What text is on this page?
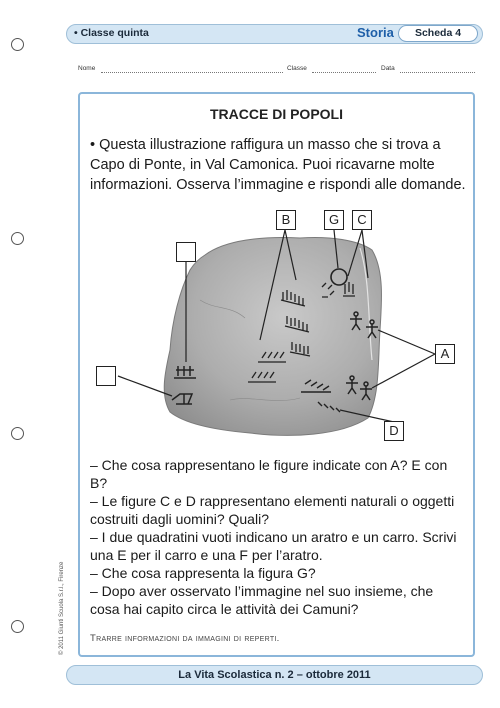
• Classe quinta	Storia	Scheda 4
Nome	Classe	Data
TRACCE DI POPOLI
• Questa illustrazione raffigura un masso che si trova a Capo di Ponte, in Val Camonica. Puoi ricavarne molte informazioni. Osserva l’immagine e rispondi alle domande.
B	G	C
A
D
– Che cosa rappresentano le figure indicate con A? E con
B?
– Le figure C e D rappresentano elementi naturali o oggetti
costruiti dagli uomini? Quali?
– I due quadratini vuoti indicano un aratro e un carro. Scrivi
una E per il carro e una F per l’aratro.
– Che cosa rappresenta la figura G?
– Dopo aver osservato l’immagine nel suo insieme, che
cosa hai capito circa le attività dei Camuni?
Trarre informazioni da immagini di reperti.
© 2011 Giunti Scuola S.r.l., Firenze
La Vita Scolastica n. 2 – ottobre 2011
